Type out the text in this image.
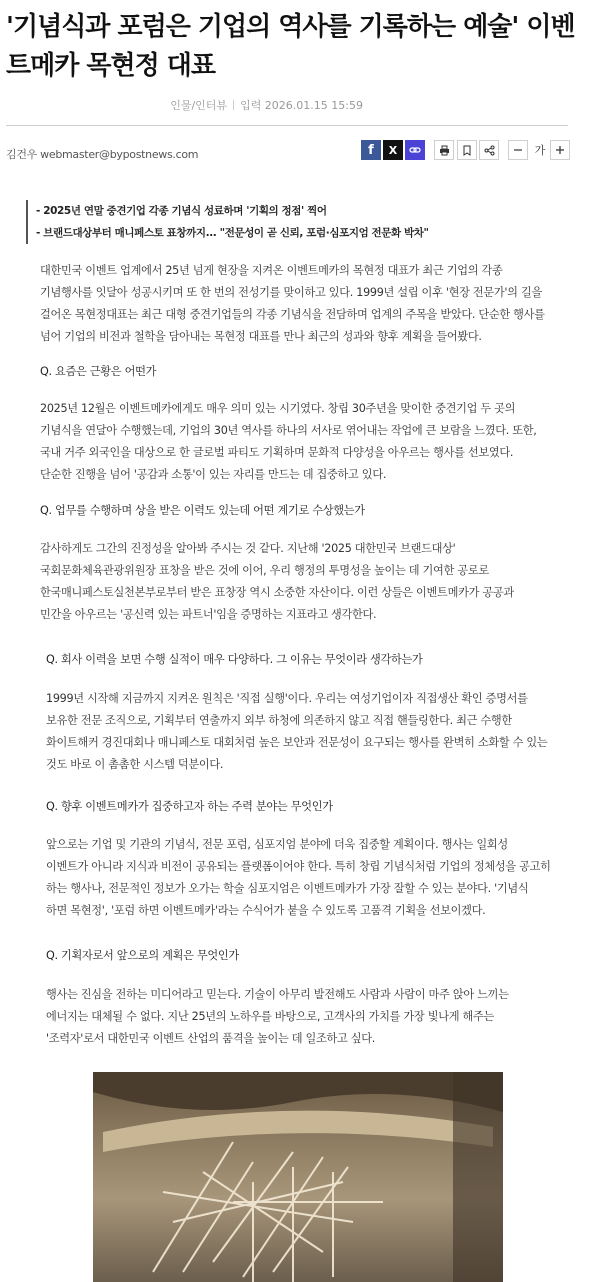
'기념식과 포럼은 기업의 역사를 기록하는 예술' 이벤트메카 목현정 대표
인물/인터뷰 입력 2026.01.15 15:59
김건우 webmaster@bypostnews.com	f	X	가
- 2025년 연말 중견기업 각종 기념식 성료하며 '기획의 정점' 찍어
- 브랜드대상부터 매니페스토 표창까지... "전문성이 곧 신뢰, 포럼·심포지엄 전문화 박차"

대한민국 이벤트 업계에서 25년 넘게 현장을 지켜온 이벤트메카의 목현정 대표가 최근 기업의 각종 기념행사를 잇달아 성공시키며 또 한 번의 전성기를 맞이하고 있다. 1999년 설립 이후 '현장 전문가'의 길을 걸어온 목현정대표는 최근 대형 중견기업들의 각종 기념식을 전담하며 업계의 주목을 받았다. 단순한 행사를 넘어 기업의 비전과 철학을 담아내는 목현정 대표를 만나 최근의 성과와 향후 계획을 들어봤다.

Q. 요즘은 근황은 어떤가

2025년 12월은 이벤트메카에게도 매우 의미 있는 시기였다. 창립 30주년을 맞이한 중견기업 두 곳의 기념식을 연달아 수행했는데, 기업의 30년 역사를 하나의 서사로 엮어내는 작업에 큰 보람을 느꼈다. 또한, 국내 거주 외국인을 대상으로 한 글로벌 파티도 기획하며 문화적 다양성을 아우르는 행사를 선보였다. 단순한 진행을 넘어 '공감과 소통'이 있는 자리를 만드는 데 집중하고 있다.

Q. 업무를 수행하며 상을 받은 이력도 있는데 어떤 계기로 수상했는가

감사하게도 그간의 진정성을 알아봐 주시는 것 같다. 지난해 '2025 대한민국 브랜드대상' 국회문화체육관광위원장 표창을 받은 것에 이어, 우리 행정의 투명성을 높이는 데 기여한 공로로 한국매니페스토실천본부로부터 받은 표창장 역시 소중한 자산이다. 이런 상들은 이벤트메카가 공공과 민간을 아우르는 '공신력 있는 파트너'임을 증명하는 지표라고 생각한다.

Q. 회사 이력을 보면 수행 실적이 매우 다양하다. 그 이유는 무엇이라 생각하는가

1999년 시작해 지금까지 지켜온 원칙은 '직접 실행'이다. 우리는 여성기업이자 직접생산 확인 증명서를 보유한 전문 조직으로, 기획부터 연출까지 외부 하청에 의존하지 않고 직접 핸들링한다. 최근 수행한 화이트해커 경진대회나 매니페스토 대회처럼 높은 보안과 전문성이 요구되는 행사를 완벽히 소화할 수 있는 것도 바로 이 촘촘한 시스템 덕분이다.

Q. 향후 이벤트메카가 집중하고자 하는 주력 분야는 무엇인가

앞으로는 기업 및 기관의 기념식, 전문 포럼, 심포지엄 분야에 더욱 집중할 계획이다. 행사는 일회성 이벤트가 아니라 지식과 비전이 공유되는 플랫폼이어야 한다. 특히 창립 기념식처럼 기업의 정체성을 공고히 하는 행사나, 전문적인 정보가 오가는 학술 심포지엄은 이벤트메카가 가장 잘할 수 있는 분야다. '기념식 하면 목현정', '포럼 하면 이벤트메카'라는 수식어가 붙을 수 있도록 고품격 기획을 선보이겠다.

Q. 기획자로서 앞으로의 계획은 무엇인가

행사는 진심을 전하는 미디어라고 믿는다. 기술이 아무리 발전해도 사람과 사람이 마주 앉아 느끼는 에너지는 대체될 수 없다. 지난 25년의 노하우를 바탕으로, 고객사의 가치를 가장 빛나게 해주는 '조력자'로서 대한민국 이벤트 산업의 품격을 높이는 데 일조하고 싶다.
